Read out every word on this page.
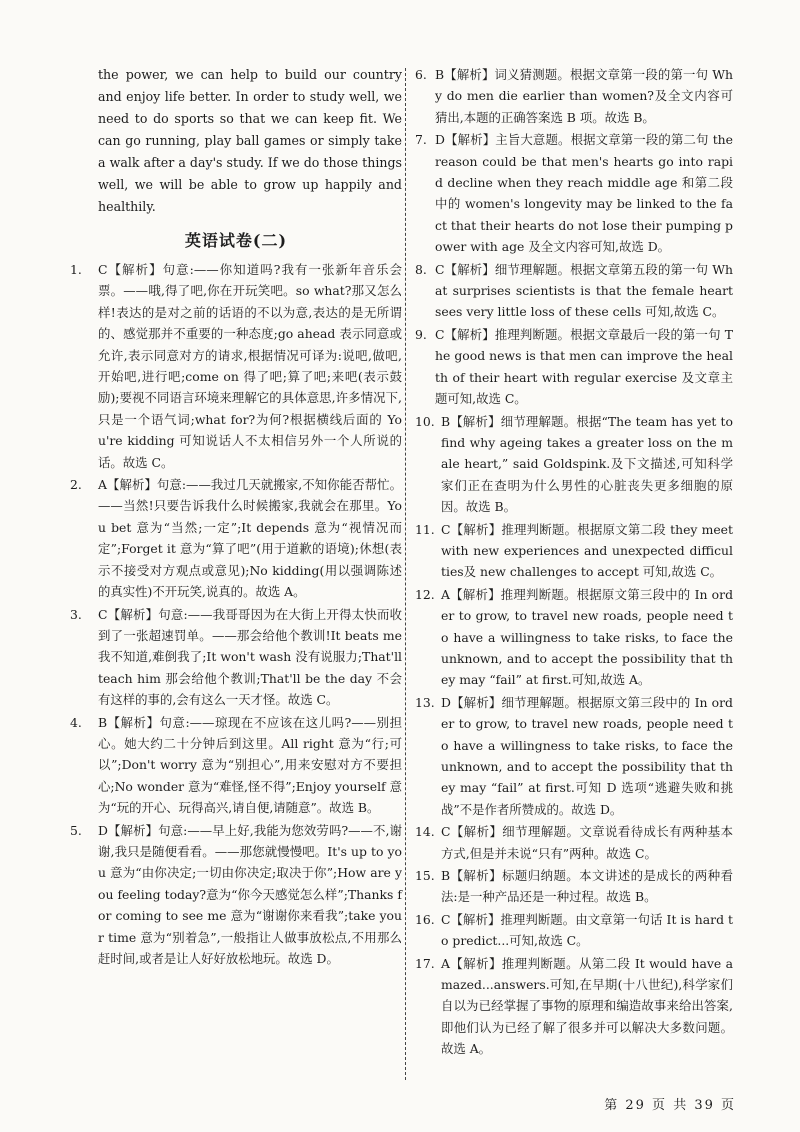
the power, we can help to build our country and enjoy life better. In order to study well, we need to do sports so that we can keep fit. We can go running, play ball games or simply take a walk after a day's study. If we do those things well, we will be able to grow up happily and healthily.

英语试卷(二)
1.	C【解析】句意:——你知道吗?我有一张新年音乐会票。——哦,得了吧,你在开玩笑吧。so what?那又怎么样!表达的是对之前的话语的不以为意,表达的是无所谓的、感觉那并不重要的一种态度;go ahead 表示同意或允许,表示同意对方的请求,根据情况可译为:说吧,做吧,开始吧,进行吧;come on 得了吧;算了吧;来吧(表示鼓励);要视不同语言环境来理解它的具体意思,许多情况下,只是一个语气词;what for?为何?根据横线后面的 You're kidding 可知说话人不太相信另外一个人所说的话。故选 C。
2.	A【解析】句意:——我过几天就搬家,不知你能否帮忙。——当然!只要告诉我什么时候搬家,我就会在那里。You bet 意为“当然;一定”;It depends 意为“视情况而定”;Forget it 意为“算了吧”(用于道歉的语境);休想(表示不接受对方观点或意见);No kidding(用以强调陈述的真实性)不开玩笑,说真的。故选 A。
3.	C【解析】句意:——我哥哥因为在大街上开得太快而收到了一张超速罚单。——那会给他个教训!It beats me 我不知道,难倒我了;It won't wash 没有说服力;That'll teach him 那会给他个教训;That'll be the day 不会有这样的事的,会有这么一天才怪。故选 C。
4.	B【解析】句意:——琼现在不应该在这儿吗?——别担心。她大约二十分钟后到这里。All right 意为“行;可以”;Don't worry 意为“别担心”,用来安慰对方不要担心;No wonder 意为“难怪,怪不得”;Enjoy yourself 意为“玩的开心、玩得高兴,请自便,请随意”。故选 B。
5.	D【解析】句意:——早上好,我能为您效劳吗?——不,谢谢,我只是随便看看。——那您就慢慢吧。It's up to you 意为“由你决定;一切由你决定;取决于你”;How are you feeling today?意为“你今天感觉怎么样”;Thanks for coming to see me 意为“谢谢你来看我”;take your time 意为“别着急”,一般指让人做事放松点,不用那么赶时间,或者是让人好好放松地玩。故选 D。
6. B【解析】词义猜测题。根据文章第一段的第一句 Why do men die earlier than women?及全文内容可猜出,本题的正确答案选 B 项。故选 B。
7. D【解析】主旨大意题。根据文章第一段的第二句 the reason could be that men's hearts go into rapid decline when they reach middle age 和第二段中的 women's longevity may be linked to the fact that their hearts do not lose their pumping power with age 及全文内容可知,故选 D。
8. C【解析】细节理解题。根据文章第五段的第一句 What surprises scientists is that the female heart sees very little loss of these cells 可知,故选 C。
9. C【解析】推理判断题。根据文章最后一段的第一句 The good news is that men can improve the health of their heart with regular exercise 及文章主题可知,故选 C。
10. B【解析】细节理解题。根据“The team has yet to find why ageing takes a greater loss on the male heart,” said Goldspink.及下文描述,可知科学家们正在查明为什么男性的心脏丧失更多细胞的原因。故选 B。
11. C【解析】推理判断题。根据原文第二段 they meet with new experiences and unexpected difficulties及 new challenges to accept 可知,故选 C。
12. A【解析】推理判断题。根据原文第三段中的 In order to grow, to travel new roads, people need to have a willingness to take risks, to face the unknown, and to accept the possibility that they may “fail” at first.可知,故选 A。
13. D【解析】细节理解题。根据原文第三段中的 In order to grow, to travel new roads, people need to have a willingness to take risks, to face the unknown, and to accept the possibility that they may “fail” at first.可知 D 选项“逃避失败和挑战”不是作者所赞成的。故选 D。
14. C【解析】细节理解题。文章说看待成长有两种基本方式,但是并未说“只有”两种。故选 C。
15. B【解析】标题归纳题。本文讲述的是成长的两种看法:是一种产品还是一种过程。故选 B。
16. C【解析】推理判断题。由文章第一句话 It is hard to predict...可知,故选 C。
17. A【解析】推理判断题。从第二段 It would have amazed...answers.可知,在早期(十八世纪),科学家们自以为已经掌握了事物的原理和编造故事来给出答案,即他们认为已经了解了很多并可以解决大多数问题。故选 A。
第 29 页 共 39 页
